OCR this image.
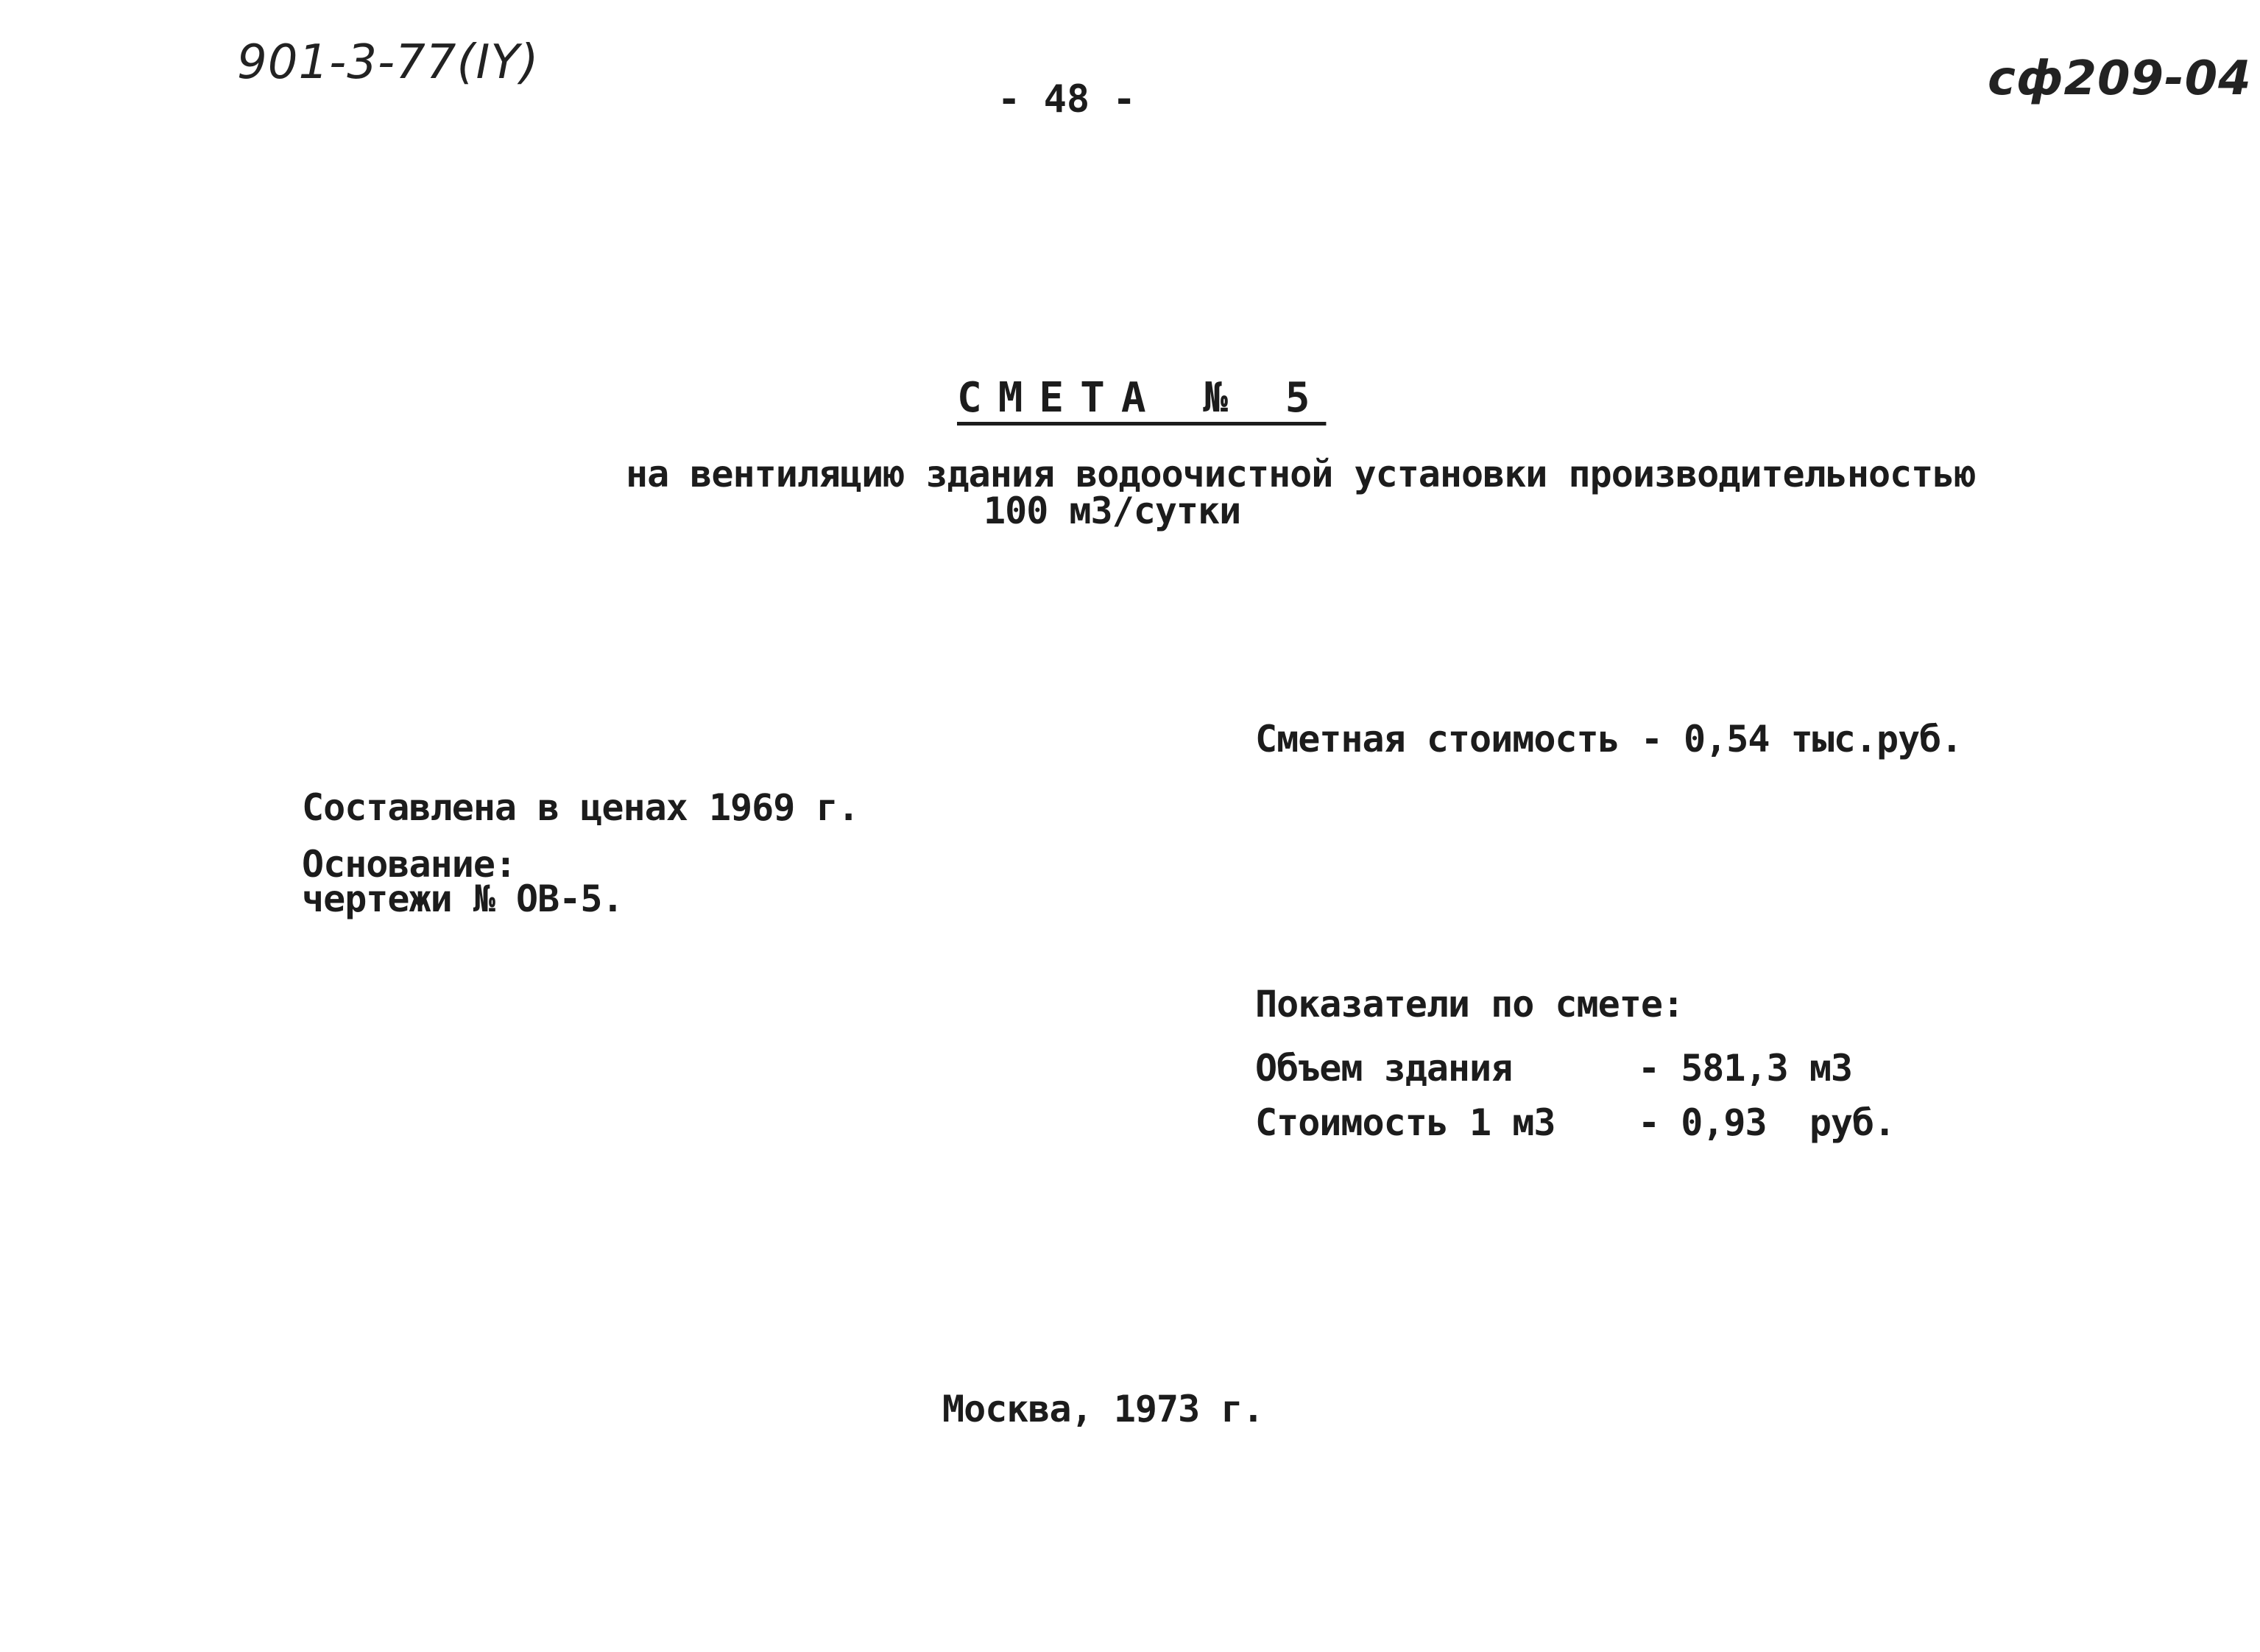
901-3-77(IY)
- 48 -	сф209-04
СМЕТА № 5
на вентиляцию здания водоочистной установки производительностью
100 м3/сутки
Сметная стоимость - 0,54 тыс.руб.
Составлена в ценах 1969 г.
Основание:
чертежи № ОВ-5.
Показатели по смете:
Объем здания	- 581,3 м3
Стоимость 1 м3 - 0,93  руб.
Москва, 1973 г.
